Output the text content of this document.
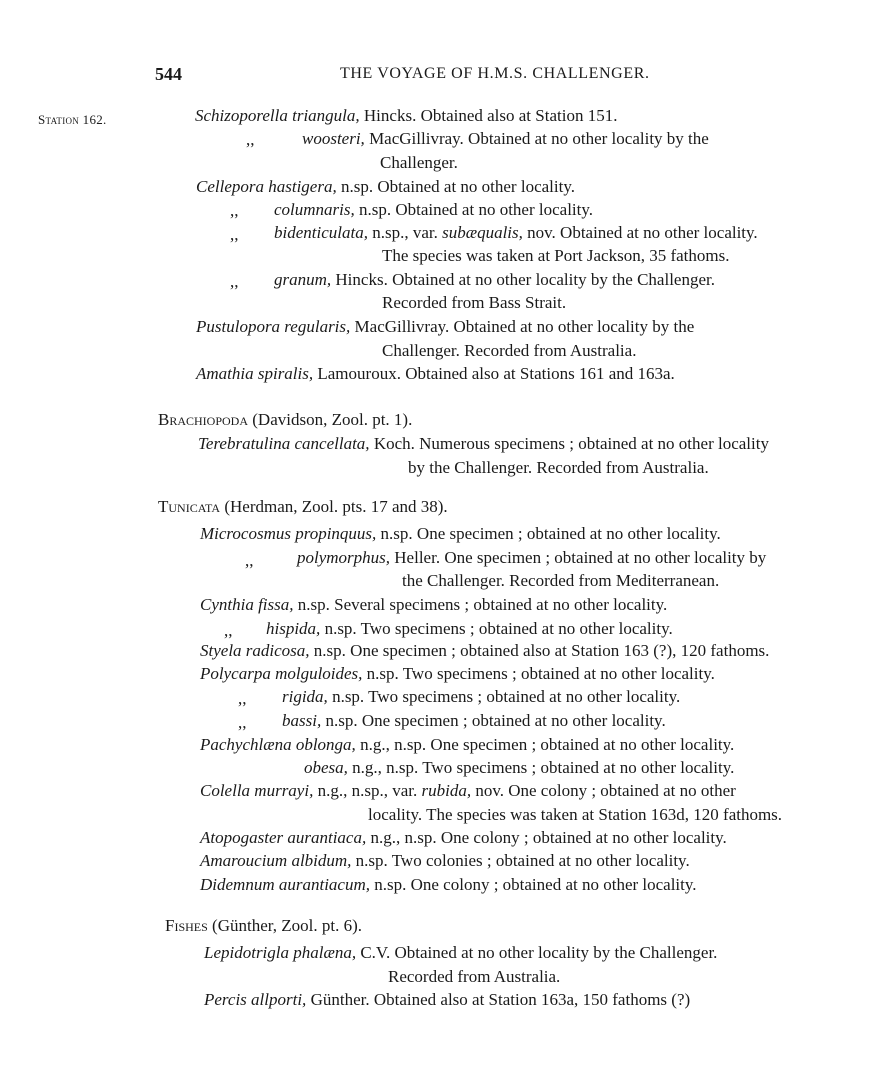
544	THE VOYAGE OF H.M.S. CHALLENGER.
Station 162.	Schizoporella triangula, Hincks. Obtained also at Station 151.
,,	woosteri, MacGillivray. Obtained at no other locality by the
Challenger.
Cellepora hastigera, n.sp. Obtained at no other locality.
,, columnaris, n.sp. Obtained at no other locality.
,, bidenticulata, n.sp., var. subæqualis, nov. Obtained at no other locality.
The species was taken at Port Jackson, 35 fathoms.
,, granum, Hincks. Obtained at no other locality by the Challenger.
Recorded from Bass Strait.
Pustulopora regularis, MacGillivray. Obtained at no other locality by the
Challenger. Recorded from Australia.
Amathia spiralis, Lamouroux. Obtained also at Stations 161 and 163a.
Brachiopoda (Davidson, Zool. pt. 1).
Terebratulina cancellata, Koch. Numerous specimens ; obtained at no other locality
by the Challenger. Recorded from Australia.
Tunicata (Herdman, Zool. pts. 17 and 38).
Microcosmus propinquus, n.sp. One specimen ; obtained at no other locality.
,,	polymorphus, Heller. One specimen ; obtained at no other locality by
the Challenger. Recorded from Mediterranean.
Cynthia fissa, n.sp. Several specimens ; obtained at no other locality.
,, hispida, n.sp. Two specimens ; obtained at no other locality.
Styela radicosa, n.sp. One specimen ; obtained also at Station 163 (?), 120 fathoms.
Polycarpa molguloides, n.sp. Two specimens ; obtained at no other locality.
,, rigida, n.sp. Two specimens ; obtained at no other locality.
,, bassi, n.sp. One specimen ; obtained at no other locality.
Pachychlæna oblonga, n.g., n.sp. One specimen ; obtained at no other locality.
obesa, n.g., n.sp. Two specimens ; obtained at no other locality.
Colella murrayi, n.g., n.sp., var. rubida, nov. One colony ; obtained at no other
locality. The species was taken at Station 163d, 120 fathoms.
Atopogaster aurantiaca, n.g., n.sp. One colony ; obtained at no other locality.
Amaroucium albidum, n.sp. Two colonies ; obtained at no other locality.
Didemnum aurantiacum, n.sp. One colony ; obtained at no other locality.
Fishes (Günther, Zool. pt. 6).
Lepidotrigla phalæna, C.V. Obtained at no other locality by the Challenger.
Recorded from Australia.
Percis allporti, Günther. Obtained also at Station 163a, 150 fathoms (?)
